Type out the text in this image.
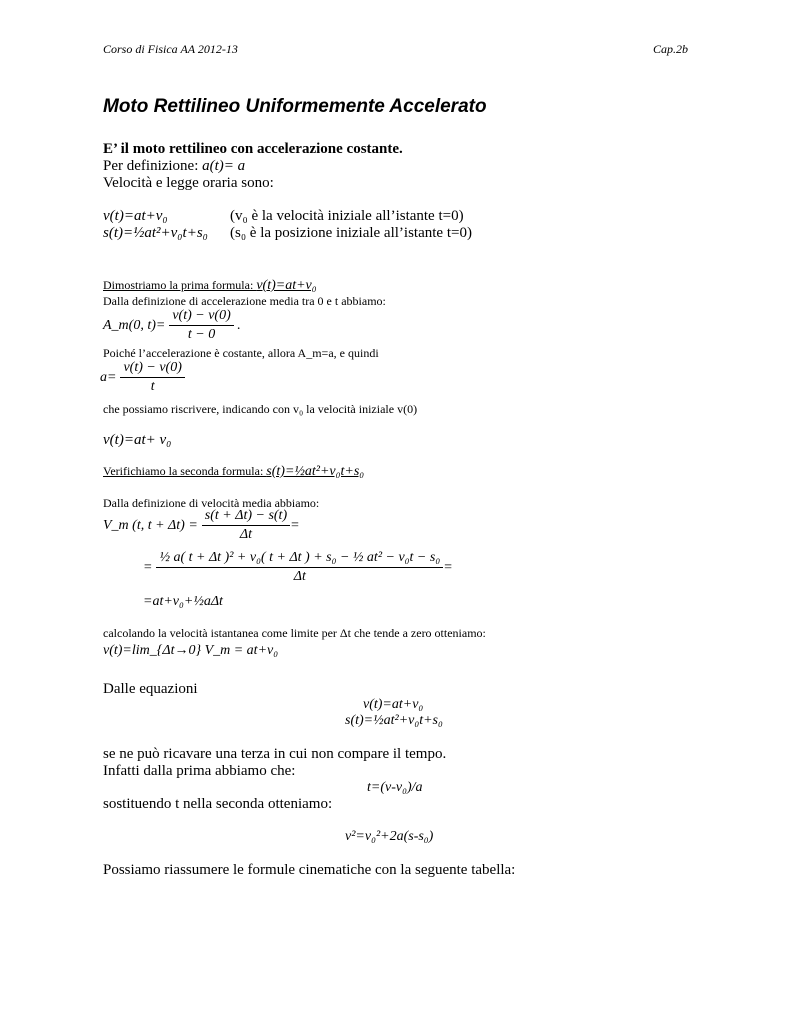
Corso di Fisica AA 2012-13	Cap.2b
Moto Rettilineo Uniformemente Accelerato
E’ il moto rettilineo con accelerazione costante.
Per definizione: a(t)= a
Velocità e legge oraria sono:
v(t)=at+v₀	(v₀ è la velocità iniziale all’istante t=0)
s(t)=½at²+v₀t+s₀ (s₀ è la posizione iniziale all’istante t=0)
Dimostriamo la prima formula: v(t)=at+v₀
Dalla definizione di accelerazione media tra 0 e t abbiamo:
A_m(0, $t)= \frac{v(t) - v(0)}{t - 0}$ .
Poiché l’accelerazione è costante, allora A_m=a, e quindi
$a= \frac{v(t) - v(0)}{t}$
che possiamo riscrivere, indicando con v₀ la velocità iniziale v(0)
v(t)=at+ v₀
Verifichiamo la seconda formula: s(t)=½at²+v₀t+s₀
Dalla definizione di velocità media abbiamo:
V_m (t, $t + \Delta t) = \frac{s(t + \Delta t) - s(t)}{\Delta t}$ =
= $\frac{\text{½ a( t + Δt )² + v₀( t + Δt ) + s₀ − ½ at² − v₀t − s₀}}{\Delta t}$ =
=at+v₀+½aΔt
calcolando la velocità istantanea come limite per Δt che tende a zero otteniamo:
v(t)=lim_{Δt→0} V_m = at+v₀
Dalle equazioni
v(t)=at+v₀
s(t)=½at²+v₀t+s₀
se ne può ricavare una terza in cui non compare il tempo.
Infatti dalla prima abbiamo che:
t=(v-v₀)/a
sostituendo t nella seconda otteniamo:
v²=v₀²+2a(s-s₀)
Possiamo riassumere le formule cinematiche con la seguente tabella:
